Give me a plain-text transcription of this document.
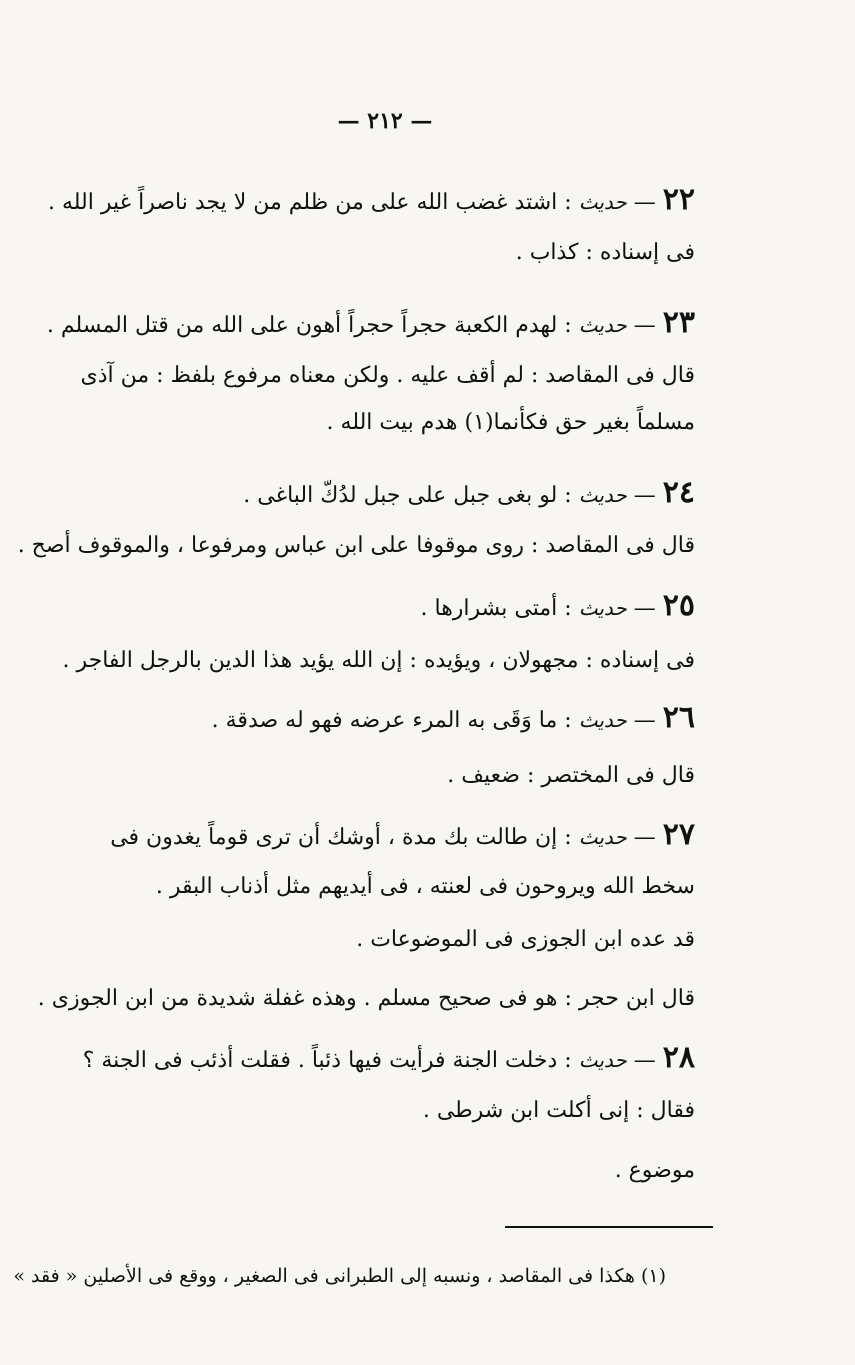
— ٢١٢ —
٢٢ — حديث : اشتد غضب الله على من ظلم من لا يجد ناصراً غير الله .
فى إسناده : كذاب .
٢٣ — حديث : لهدم الكعبة حجراً حجراً أهون على الله من قتل المسلم .
قال فى المقاصد : لم أقف عليه . ولكن معناه مرفوع بلفظ : من آذى
مسلماً بغير حق فكأنما(١) هدم بيت الله .
٢٤ — حديث : لو بغى جبل على جبل لدُكّ الباغى .
قال فى المقاصد : روى موقوفا على ابن عباس ومرفوعا ، والموقوف أصح .
٢٥ — حديث : أمتى بشرارها .
فى إسناده : مجهولان ، ويؤيده : إن الله يؤيد هذا الدين بالرجل الفاجر .
٢٦ — حديث : ما وَقَى به المرء عرضه فهو له صدقة .
قال فى المختصر : ضعيف .
٢٧ — حديث : إن طالت بك مدة ، أوشك أن ترى قوماً يغدون فى
سخط الله ويروحون فى لعنته ، فى أيديهم مثل أذناب البقر .
قد عده ابن الجوزى فى الموضوعات .
قال ابن حجر : هو فى صحيح مسلم . وهذه غفلة شديدة من ابن الجوزى .
٢٨ — حديث : دخلت الجنة فرأيت فيها ذئباً . فقلت أذئب فى الجنة ؟
فقال : إنى أكلت ابن شرطى .
موضوع .
(١) هكذا فى المقاصد ، ونسبه إلى الطبرانى فى الصغير ، ووقع فى الأصلين « فقد »
